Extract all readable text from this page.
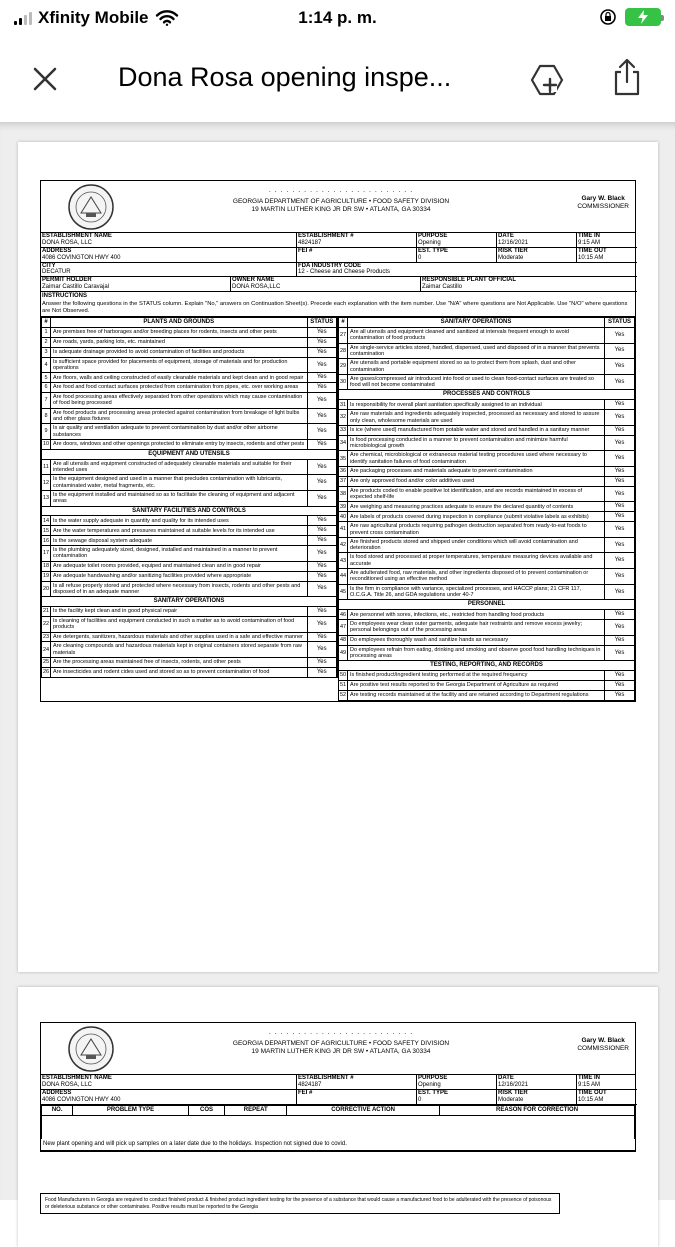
Xfinity Mobile	1:14 p. m.
Dona Rosa opening inspe...
. . . . . . . . . . . . . . . . . . . . . . . . .
GEORGIA DEPARTMENT OF AGRICULTURE • FOOD SAFETY DIVISION
19 MARTIN LUTHER KING JR DR SW • ATLANTA, GA 30334
Gary W. Black
COMMISSIONER
ESTABLISHMENT NAME
DONA ROSA, LLC
ESTABLISHMENT #
4824187
PURPOSE
Opening
DATE
12/16/2021
TIME IN
9:15 AM
ADDRESS
4086 COVINGTON HWY 400
FEI #	EST. TYPE
0
RISK TIER
Moderate
TIME OUT
10:15 AM
CITY
DECATUR
FDA INDUSTRY CODE
12 - Cheese and Cheese Products
PERMIT HOLDER
Zaimar Castillo Caravajal
OWNER NAME
DONA ROSA,LLC
RESPONSIBLE PLANT OFFICIAL
Zaimar Castillo
INSTRUCTIONS
Answer the following questions in the STATUS column. Explain "No," answers on Continuation Sheet(s). Precede each explanation with the item number. Use "N/A" where questions are Not Applicable. Use "N/O" where questions are Not Observed.
#	PLANTS AND GROUNDS	STATUS
1	Are premises free of harborages and/or breeding places for rodents, insects and other pests	Yes
2	Are roads, yards, parking lots, etc. maintained	Yes
3	Is adequate drainage provided to avoid contamination of facilities and products	Yes
4	Is sufficient space provided for placements of equipment, storage of materials and for production operations	Yes
5	Are floors, walls and ceiling constructed of easily cleanable materials and kept clean and in good repair	Yes
6	Are food and food contact surfaces protected from contamination from pipes, etc. over working areas	Yes
7	Are food processing areas effectively separated from other operations which may cause contamination of food being processed	Yes
8	Are food products and processing areas protected against contamination from breakage of light bulbs and other glass fixtures	Yes
9	Is air quality and ventilation adequate to prevent contamination by dust and/or other airborne substances	Yes
10	Are doors, windows and other openings protected to eliminate entry by insects, rodents and other pests	Yes
EQUIPMENT AND UTENSILS		
11	Are all utensils and equipment constructed of adequately cleanable materials and suitable for their intended uses	Yes
12	Is the equipment designed and used in a manner that precludes contamination with lubricants, contaminated water, metal fragments, etc.	Yes
13	Is the equipment installed and maintained so as to facilitate the cleaning of equipment and adjacent areas	Yes
SANITARY FACILITIES AND CONTROLS		
14	Is the water supply adequate in quantity and quality for its intended uses	Yes
15	Are the water temperatures and pressures maintained at suitable levels for its intended use	Yes
16	Is the sewage disposal system adequate	Yes
17	Is the plumbing adequately sized, designed, installed and maintained in a manner to prevent contamination	Yes
18	Are adequate toilet rooms provided, equiped and maintained clean and in good repair	Yes
19	Are adequate handwashing and/or sanitizing facilities provided where appropriate	Yes
20	Is all refuse properly stored and protected where necessary from insects, rodents and other pests and disposed of in an adequate manner	Yes
SANITARY OPERATIONS		
21	Is the facility kept clean and in good physical repair	Yes
22	Is cleaning of facilities and equipment conducted in such a matter as to avoid contamination of food products	Yes
23	Are detergents, sanitizers, hazardous materials and other supplies used in a safe and effective manner	Yes
24	Are cleaning compounds and hazardous materials kept in original containers stored separate from raw materials	Yes
25	Are the processing areas maintained free of insects, rodents, and other pests	Yes
26	Are insecticides and rodent cides used and stored so as to prevent contamination of food	Yes
#	SANITARY OPERATIONS	STATUS
27	Are all utensils and equipment cleaned and sanitized at intervals frequent enough to avoid contamination of food products	Yes
28	Are single-service articles stored, handled, dispensed, used and disposed of in a manner that prevents contamination	Yes
29	Are utensils and portable equipment stored so as to protect them from splash, dust and other contamination	Yes
30	Are gases/compressed air introduced into food or used to clean food-contact surfaces are treated so food will not become contaminated	Yes
PROCESSES AND CONTROLS		
31	Is responsibility for overall plant sanitation specifically assigned to an individual	Yes
32	Are raw materials and ingredients adequately inspected, processed as necessary and stored to assure only clean, wholesome materials are used	Yes
33	Is ice (where used) manufactured from potable water and stored and handled in a sanitary manner	Yes
34	Is food processing conducted in a manner to prevent contamination and minimize harmful microbiological growth	Yes
35	Are chemical, microbiological or extraneous material testing procedures used where necessary to identify sanitation failures of food contamination	Yes
36	Are packaging processes and materials adequate to prevent contamination	Yes
37	Are only approved food and/or color additives used	Yes
38	Are products coded to enable positive lot identification, and are records maintained in excess of expected shelf-life	Yes
39	Are weighing and measuring practices adequate to ensure the declared quantity of contents	Yes
40	Are labels of products covered during inspection in compliance (submit violative labels as exhibits)	Yes
41	Are raw agricultural products requiring pathogen destruction separated from ready-to-eat foods to prevent cross contamination	Yes
42	Are finished products stored and shipped under conditions which will avoid contamination and deterioration	Yes
43	Is food stored and processed at proper temperatures, temperature measuring devices available and accurate	Yes
44	Are adulterated food, raw materials, and other ingredients disposed of to prevent contamination or reconditioned using an effective method	Yes
45	Is the firm in compliance with variance, specialized processes, and HACCP plans; 21 CFR 117, O.C.G.A. Title 26, and GDA regulations under 40-7	Yes
PERSONNEL		
46	Are personnel with sores, infections, etc., restricted from handling food products	Yes
47	Do employees wear clean outer garments, adequate hair restraints and remove excess jewelry; personal belongings out of the processing areas	Yes
48	Do employees thoroughly wash and sanitize hands as necessary	Yes
49	Do employees refrain from eating, drinking and smoking and observe good food handling techniques in processing areas	Yes
TESTING, REPORTING, AND RECORDS		
50	Is finished product/ingredient testing performed at the required frequency	Yes
51	Are positive test results reported to the Georgia Department of Agriculture as required	Yes
52	Are testing records maintained at the facility and are retained according to Department regulations	Yes
. . . . . . . . . . . . . . . . . . . . . . . . .
GEORGIA DEPARTMENT OF AGRICULTURE • FOOD SAFETY DIVISION
19 MARTIN LUTHER KING JR DR SW • ATLANTA, GA 30334
Gary W. Black
COMMISSIONER
ESTABLISHMENT NAME
DONA ROSA, LLC
ESTABLISHMENT #
4824187
PURPOSE
Opening
DATE
12/16/2021
TIME IN
9:15 AM
ADDRESS
4086 COVINGTON HWY 400
FEI #	EST. TYPE
0
RISK TIER
Moderate
TIME OUT
10:15 AM
NO.	PROBLEM TYPE	COS	REPEAT	CORRECTIVE ACTION	REASON FOR CORRECTION

New plant opening and will pick up samples on a later date due to the holidays. Inspection not signed due to covid.
Food Manufacturers in Georgia are required to conduct finished product & finished product ingredient testing for the presence of a substance that would cause a manufactured food to be adulterated with the presence of poisonous or deleterious substance or other contaminates. Positive results must be reported to the Georgia
